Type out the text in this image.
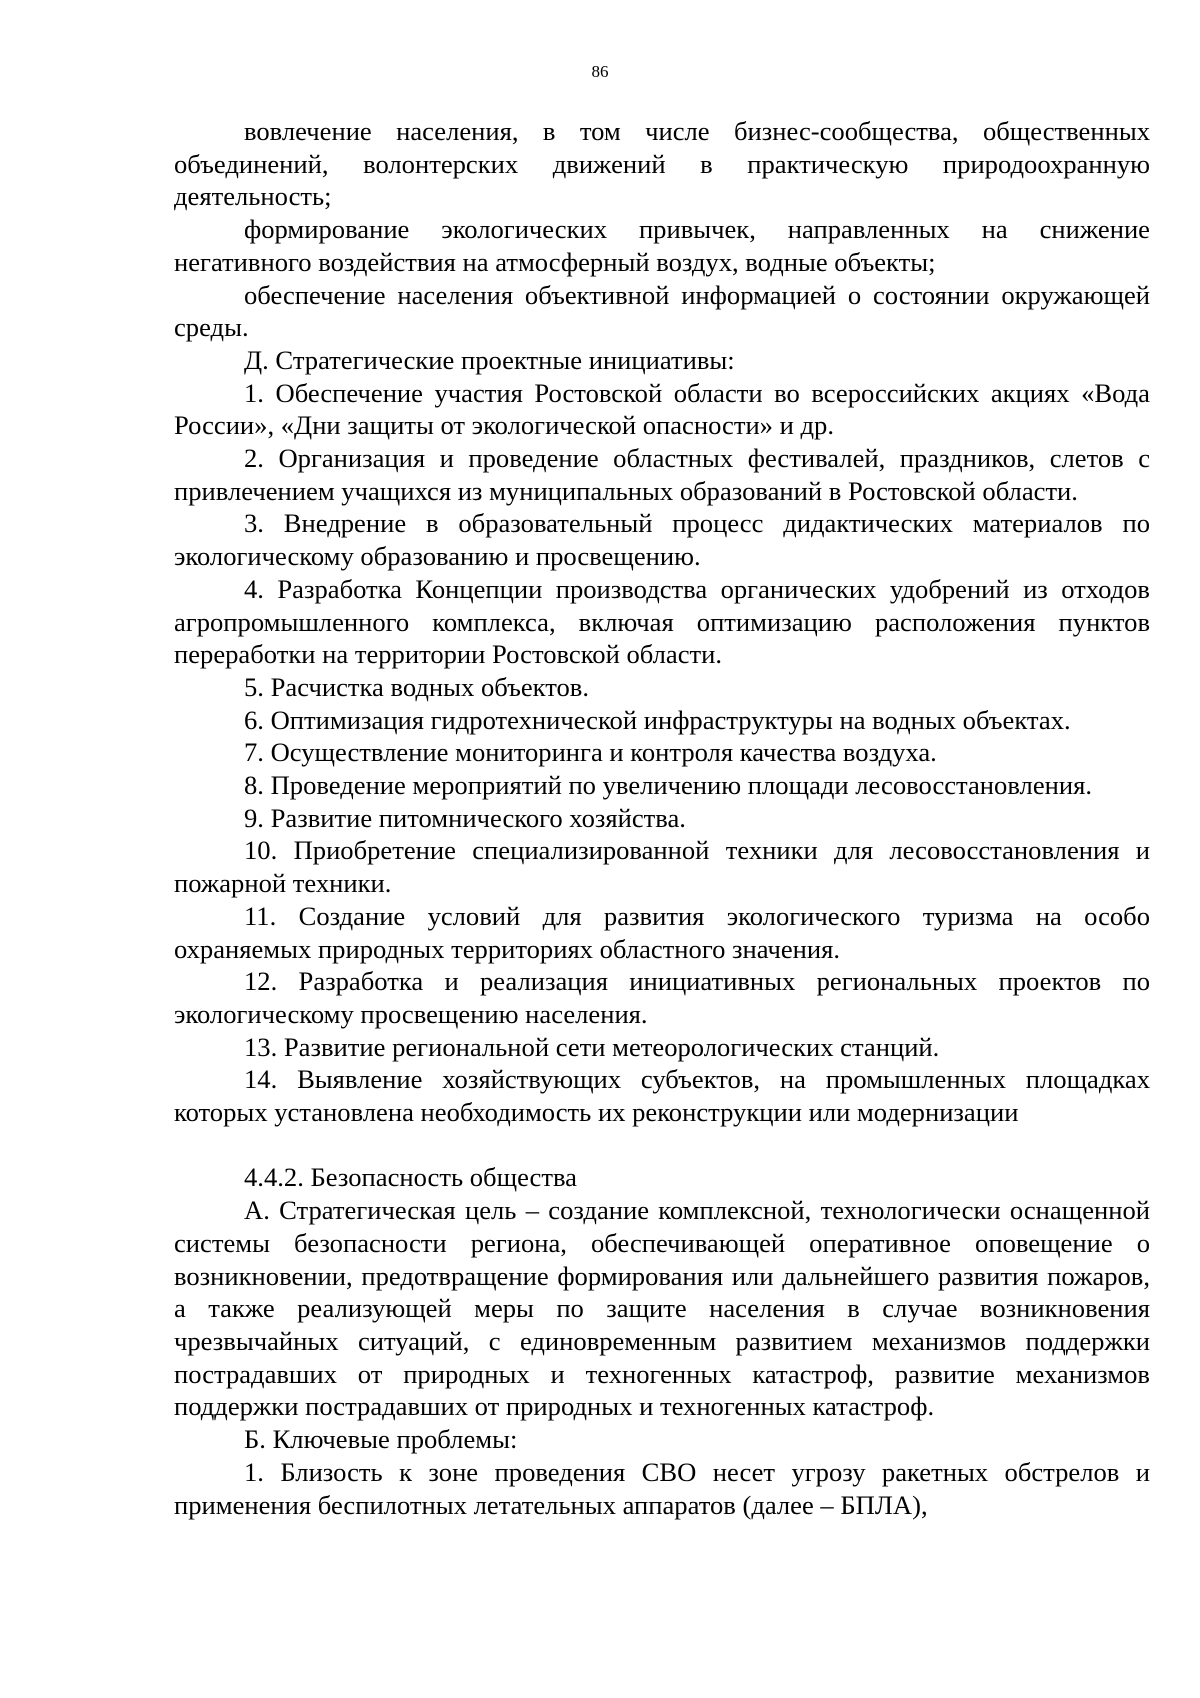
86

вовлечение населения, в том числе бизнес-сообщества, общественных объединений, волонтерских движений в практическую природоохранную деятельность;

формирование экологических привычек, направленных на снижение негативного воздействия на атмосферный воздух, водные объекты;

обеспечение населения объективной информацией о состоянии окружающей среды.

Д. Стратегические проектные инициативы:

1. Обеспечение участия Ростовской области во всероссийских акциях «Вода России», «Дни защиты от экологической опасности» и др.

2. Организация и проведение областных фестивалей, праздников, слетов с привлечением учащихся из муниципальных образований в Ростовской области.

3. Внедрение в образовательный процесс дидактических материалов по экологическому образованию и просвещению.

4. Разработка Концепции производства органических удобрений из отходов агропромышленного комплекса, включая оптимизацию расположения пунктов переработки на территории Ростовской области.

5. Расчистка водных объектов.

6. Оптимизация гидротехнической инфраструктуры на водных объектах.

7. Осуществление мониторинга и контроля качества воздуха.

8. Проведение мероприятий по увеличению площади лесовосстановления.

9. Развитие питомнического хозяйства.

10. Приобретение специализированной техники для лесовосстановления и пожарной техники.

11. Создание условий для развития экологического туризма на особо охраняемых природных территориях областного значения.

12. Разработка и реализация инициативных региональных проектов по экологическому просвещению населения.

13. Развитие региональной сети метеорологических станций.

14. Выявление хозяйствующих субъектов, на промышленных площадках которых установлена необходимость их реконструкции или модернизации

4.4.2. Безопасность общества

А. Стратегическая цель – создание комплексной, технологически оснащенной системы безопасности региона, обеспечивающей оперативное оповещение о возникновении, предотвращение формирования или дальнейшего развития пожаров, а также реализующей меры по защите населения в случае возникновения чрезвычайных ситуаций, с единовременным развитием механизмов поддержки пострадавших от природных и техногенных катастроф, развитие механизмов поддержки пострадавших от природных и техногенных катастроф.

Б. Ключевые проблемы:

1. Близость к зоне проведения СВО несет угрозу ракетных обстрелов и применения беспилотных летательных аппаратов (далее – БПЛА),
